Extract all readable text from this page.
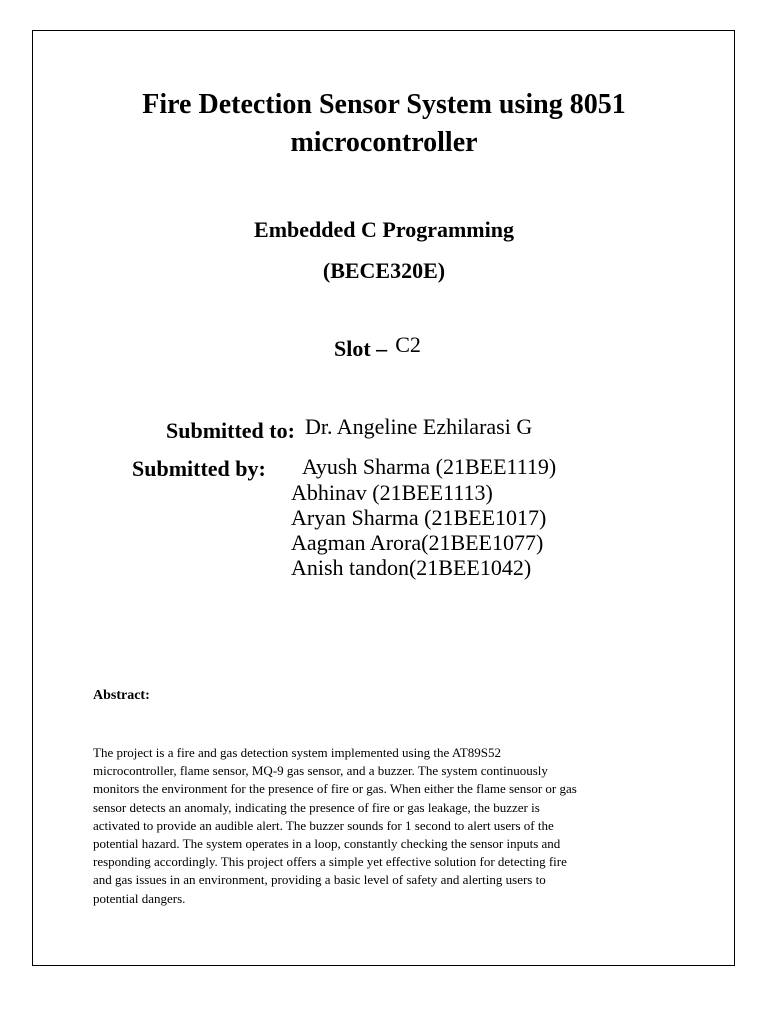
Fire Detection Sensor System using 8051
microcontroller
Embedded C Programming
(BECE320E)
Slot – C2
Submitted to: Dr. Angeline Ezhilarasi G
Submitted by: Ayush Sharma (21BEE1119)
Abhinav (21BEE1113)
Aryan Sharma (21BEE1017)
Aagman Arora(21BEE1077)
Anish tandon(21BEE1042)
Abstract:

The project is a fire and gas detection system implemented using the AT89S52
microcontroller, flame sensor, MQ-9 gas sensor, and a buzzer. The system continuously
monitors the environment for the presence of fire or gas. When either the flame sensor or gas
sensor detects an anomaly, indicating the presence of fire or gas leakage, the buzzer is
activated to provide an audible alert. The buzzer sounds for 1 second to alert users of the
potential hazard. The system operates in a loop, constantly checking the sensor inputs and
responding accordingly. This project offers a simple yet effective solution for detecting fire
and gas issues in an environment, providing a basic level of safety and alerting users to
potential dangers.
